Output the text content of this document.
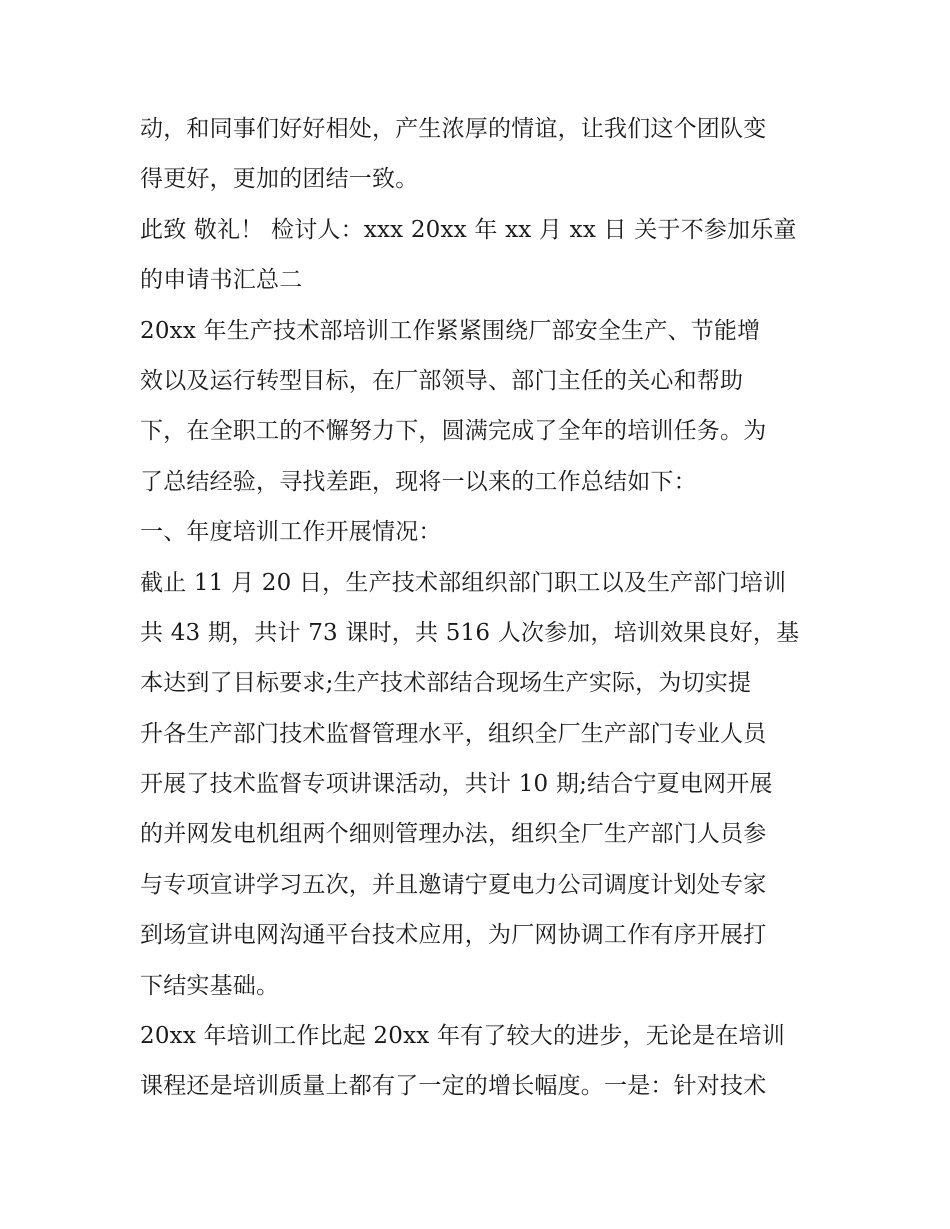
动，和同事们好好相处，产生浓厚的情谊，让我们这个团队变
得更好，更加的团结一致。
此致 敬礼！ 检讨人：xxx 20xx 年 xx 月 xx 日 关于不参加乐童
的申请书汇总二
20xx 年生产技术部培训工作紧紧围绕厂部安全生产、节能增
效以及运行转型目标，在厂部领导、部门主任的关心和帮助
下，在全职工的不懈努力下，圆满完成了全年的培训任务。为
了总结经验，寻找差距，现将一以来的工作总结如下：
一、年度培训工作开展情况：
截止 11 月 20 日，生产技术部组织部门职工以及生产部门培训
共 43 期，共计 73 课时，共 516 人次参加，培训效果良好，基
本达到了目标要求;生产技术部结合现场生产实际，为切实提
升各生产部门技术监督管理水平，组织全厂生产部门专业人员
开展了技术监督专项讲课活动，共计 10 期;结合宁夏电网开展
的并网发电机组两个细则管理办法，组织全厂生产部门人员参
与专项宣讲学习五次，并且邀请宁夏电力公司调度计划处专家
到场宣讲电网沟通平台技术应用，为厂网协调工作有序开展打
下结实基础。
20xx 年培训工作比起 20xx 年有了较大的进步，无论是在培训
课程还是培训质量上都有了一定的增长幅度。一是：针对技术
